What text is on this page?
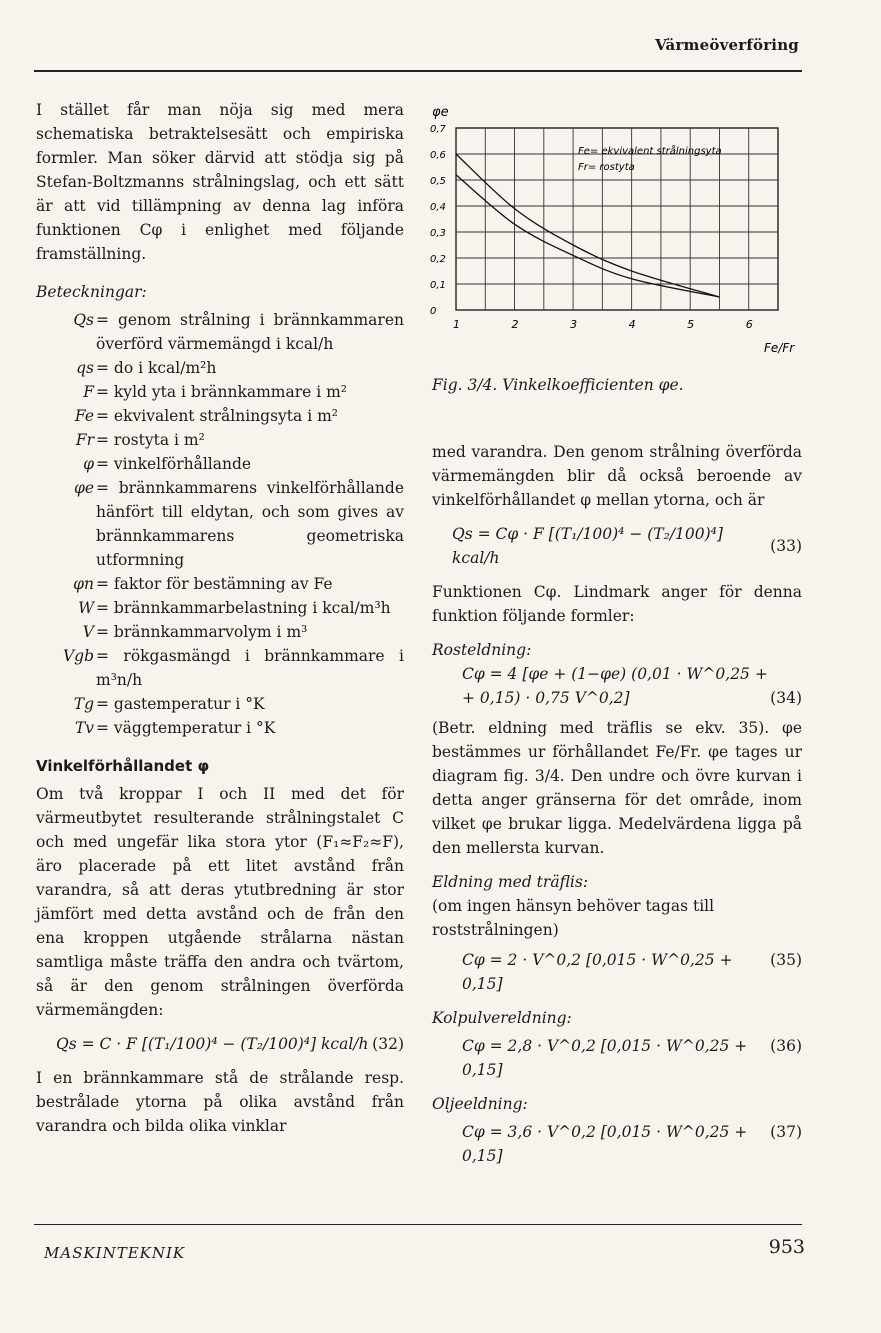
Värmeöverföring

I stället får man nöja sig med mera schematiska betraktelsesätt och empiriska formler. Man söker därvid att stödja sig på Stefan-Boltzmanns strålningslag, och ett sätt är att vid tillämpning av denna lag införa funktionen Cφ i enlighet med följande framställning.

Beteckningar:

Qs = genom strålning i brännkammaren överförd värmemängd i kcal/h
qs = do i kcal/m²h
F = kyld yta i brännkammare i m²
Fe = ekvivalent strålningsyta i m²
Fr = rostyta i m²
φ = vinkelförhållande
φe = brännkammarens vinkelförhållande hänfört till eldytan, och som gives av brännkammarens geometriska utformning
φn = faktor för bestämning av Fe
W = brännkammarbelastning i kcal/m³h
V = brännkammarvolym i m³
Vgb = rökgasmängd i brännkammare i m³n/h
Tg = gastemperatur i °K
Tv = väggtemperatur i °K

Vinkelförhållandet φ

Om två kroppar I och II med det för värmeutbytet resulterande strålningstalet C och med ungefär lika stora ytor (F₁≈F₂≈F), äro placerade på ett litet avstånd från varandra, så att deras ytutbredning är stor jämfört med detta avstånd och de från den ena kroppen utgående strålarna nästan samtliga måste träffa den andra och tvärtom, så är den genom strålningen överförda värmemängden:

Qs = C · F [(T₁/100)⁴ − (T₂/100)⁴] kcal/h (32)

I en brännkammare stå de strålande resp. bestrålade ytorna på olika avstånd från varandra och bilda olika vinklar

0,7
0,6
0,5
0,4
0,3
0,2
0,1
0
1	2	3	4	5	6
φe
Fe/Fr
Fe= ekvivalent strålningsyta
Fr= rostyta
Fig. 3/4. Vinkelkoefficienten φe.

med varandra. Den genom strålning överförda värmemängden blir då också beroende av vinkelförhållandet φ mellan ytorna, och är

Qs = Cφ · F [(T₁/100)⁴ − (T₂/100)⁴] kcal/h
(33)

Funktionen Cφ. Lindmark anger för denna funktion följande formler:

Rosteldning:

Cφ = 4 [φe + (1−φe) (0,01 · W^0,25 +
+ 0,15) · 0,75 V^0,2]	(34)

(Betr. eldning med träflis se ekv. 35). φe bestämmes ur förhållandet Fe/Fr. φe tages ur diagram fig. 3/4. Den undre och övre kurvan i detta anger gränserna för det område, inom vilket φe brukar ligga. Medelvärdena ligga på den mellersta kurvan.

Eldning med träflis:

(om ingen hänsyn behöver tagas till roststrålningen)

Cφ = 2 · V^0,2 [0,015 · W^0,25 + 0,15]
(35)

Kolpulvereldning:

Cφ = 2,8 · V^0,2 [0,015 · W^0,25 + 0,15]
(36)

Oljeeldning:

Cφ = 3,6 · V^0,2 [0,015 · W^0,25 + 0,15]
(37)
MASKINTEKNIK	953
